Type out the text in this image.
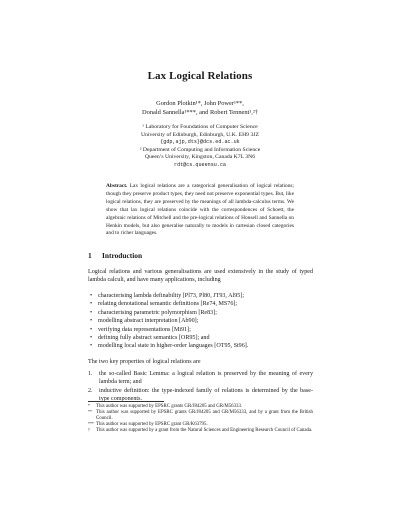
Lax Logical Relations
Gordon Plotkin¹*, John Power¹**,
Donald Sannella¹***, and Robert Tennent¹,²†
¹ Laboratory for Foundations of Computer Science
University of Edinburgh, Edinburgh, U.K. EH9 3JZ
{gdp,ajp,dts}@dcs.ed.ac.uk
² Department of Computing and Information Science
Queen’s University, Kingston, Canada K7L 3N6
rdt@cs.queensu.ca
Abstract. Lax logical relations are a categorical generalisation of logical relations; though they preserve product types, they need not preserve exponential types. But, like logical relations, they are preserved by the meanings of all lambda-calculus terms. We show that lax logical relations coincide with the correspondences of Schoett, the algebraic relations of Mitchell and the pre-logical relations of Honsell and Sannella on Henkin models, but also generalise naturally to models in cartesian closed categories and to richer languages.
1 Introduction
Logical relations and various generalisations are used extensively in the study of typed lambda calculi, and have many applications, including
• characterising lambda definability [Pl73, Pl80, JT93, Al95];
• relating denotational semantic definitions [Re74, MS76];
• characterising parametric polymorphism [Re83];
• modelling abstract interpretation [Ab90];
• verifying data representations [Mi91];
• defining fully abstract semantics [OR95]; and
• modelling local state in higher-order languages [OT95, St96].
The two key properties of logical relations are
1. the so-called Basic Lemma: a logical relation is preserved by the meaning of every lambda term; and
2. inductive definition: the type-indexed family of relations is determined by the base-type components.
* This author was supported by EPSRC grants GR/J84205 and GR/M56333.
** This author was supported by EPSRC grants GR/J84205 and GR/M56333, and by a grant from the British Council.
*** This author was supported by EPSRC grant GR/K63795.
† This author was supported by a grant from the Natural Sciences and Engineering Research Council of Canada.
